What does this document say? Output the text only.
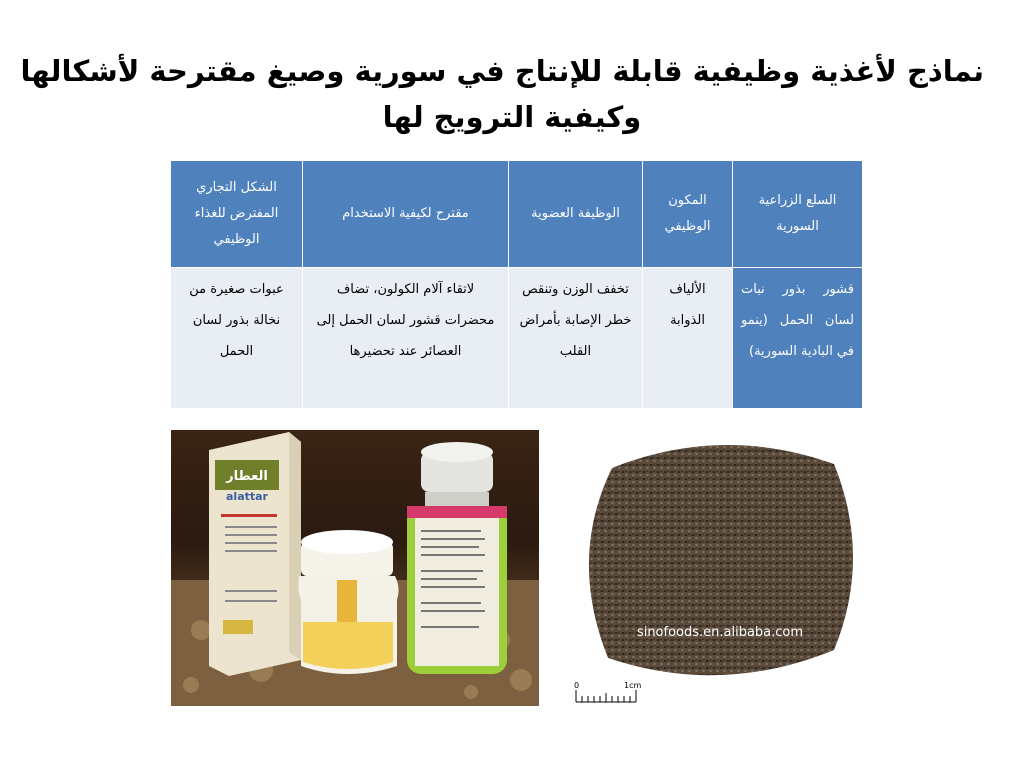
نماذج لأغذية وظيفية قابلة للإنتاج في سورية وصيغ مقترحة لأشكالها
وكيفية الترويج لها
السلع الزراعية السورية	المكون الوظيفي	الوظيفة العضوية	مقترح لكيفية الاستخدام	الشكل التجاري المفترض للغذاء الوظيفي
قشور بذور نبات لسان الحمل (ينمو في البادية السورية)	الألياف الذوابة	تخفف الوزن وتنقص خطر الإصابة بأمراض القلب	لاتقاء آلام الكولون، تضاف محضرات قشور لسان الحمل إلى العصائر عند تحضيرها	عبوات صغيرة من نخالة بذور لسان الحمل
العطار
alattar
sinofoods.en.alibaba.com
0	1cm
